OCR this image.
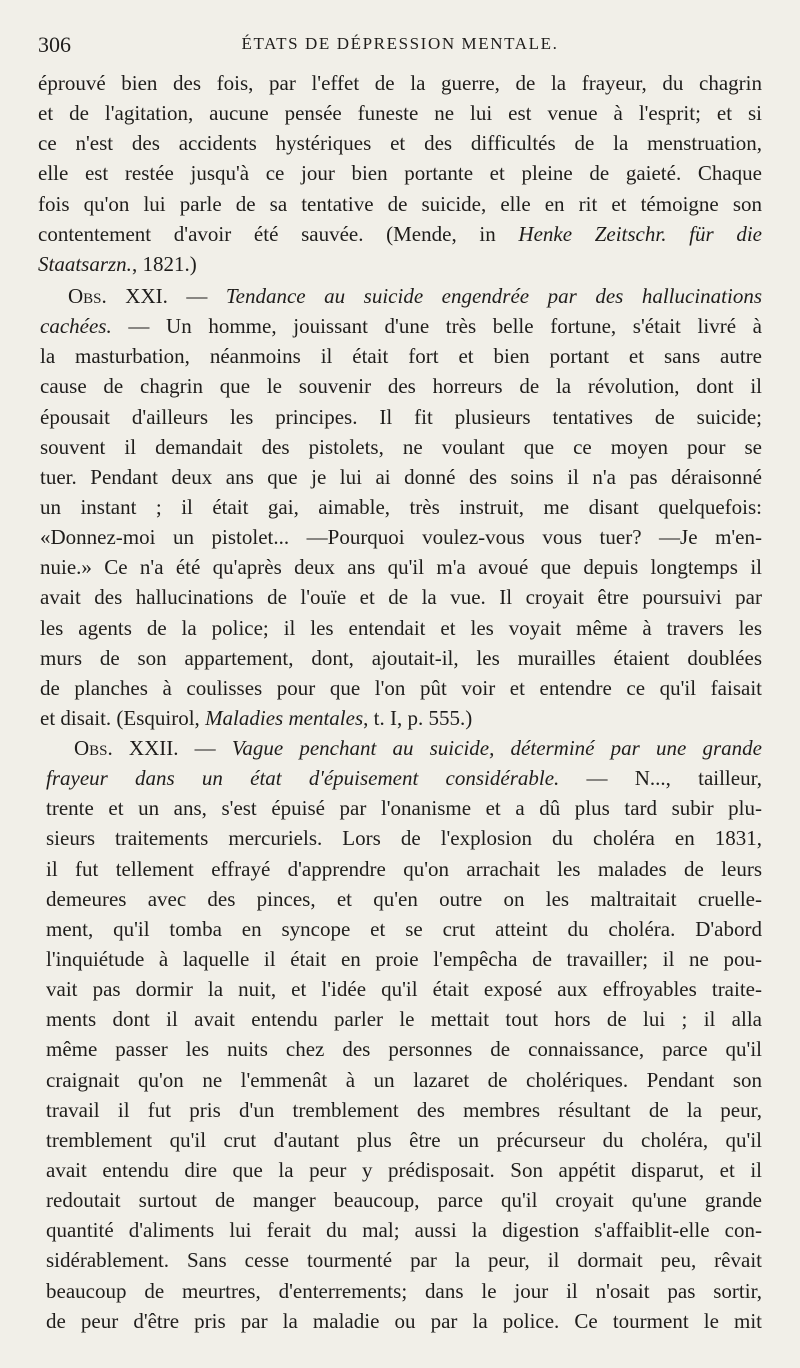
306	ÉTATS DE DÉPRESSION MENTALE.
éprouvé bien des fois, par l'effet de la guerre, de la frayeur, du chagrin
et de l'agitation, aucune pensée funeste ne lui est venue à l'esprit; et si
ce n'est des accidents hystériques et des difficultés de la menstruation,
elle est restée jusqu'à ce jour bien portante et pleine de gaieté. Chaque
fois qu'on lui parle de sa tentative de suicide, elle en rit et témoigne son
contentement d'avoir été sauvée. (Mende, in Henke Zeitschr. für die
Staatsarzn., 1821.)
Obs. XXI. — Tendance au suicide engendrée par des hallucinations
cachées. — Un homme, jouissant d'une très belle fortune, s'était livré à
la masturbation, néanmoins il était fort et bien portant et sans autre
cause de chagrin que le souvenir des horreurs de la révolution, dont il
épousait d'ailleurs les principes. Il fit plusieurs tentatives de suicide;
souvent il demandait des pistolets, ne voulant que ce moyen pour se
tuer. Pendant deux ans que je lui ai donné des soins il n'a pas déraisonné
un instant ; il était gai, aimable, très instruit, me disant quelquefois:
«Donnez-moi un pistolet... —Pourquoi voulez-vous vous tuer? —Je m'en-
nuie.» Ce n'a été qu'après deux ans qu'il m'a avoué que depuis longtemps il
avait des hallucinations de l'ouïe et de la vue. Il croyait être poursuivi par
les agents de la police; il les entendait et les voyait même à travers les
murs de son appartement, dont, ajoutait-il, les murailles étaient doublées
de planches à coulisses pour que l'on pût voir et entendre ce qu'il faisait
et disait. (Esquirol, Maladies mentales, t. I, p. 555.)
Obs. XXII. — Vague penchant au suicide, déterminé par une grande
frayeur dans un état d'épuisement considérable. — N..., tailleur,
trente et un ans, s'est épuisé par l'onanisme et a dû plus tard subir plu-
sieurs traitements mercuriels. Lors de l'explosion du choléra en 1831,
il fut tellement effrayé d'apprendre qu'on arrachait les malades de leurs
demeures avec des pinces, et qu'en outre on les maltraitait cruelle-
ment, qu'il tomba en syncope et se crut atteint du choléra. D'abord
l'inquiétude à laquelle il était en proie l'empêcha de travailler; il ne pou-
vait pas dormir la nuit, et l'idée qu'il était exposé aux effroyables traite-
ments dont il avait entendu parler le mettait tout hors de lui ; il alla
même passer les nuits chez des personnes de connaissance, parce qu'il
craignait qu'on ne l'emmenât à un lazaret de cholériques. Pendant son
travail il fut pris d'un tremblement des membres résultant de la peur,
tremblement qu'il crut d'autant plus être un précurseur du choléra, qu'il
avait entendu dire que la peur y prédisposait. Son appétit disparut, et il
redoutait surtout de manger beaucoup, parce qu'il croyait qu'une grande
quantité d'aliments lui ferait du mal; aussi la digestion s'affaiblit-elle con-
sidérablement. Sans cesse tourmenté par la peur, il dormait peu, rêvait
beaucoup de meurtres, d'enterrements; dans le jour il n'osait pas sortir,
de peur d'être pris par la maladie ou par la police. Ce tourment le mit
